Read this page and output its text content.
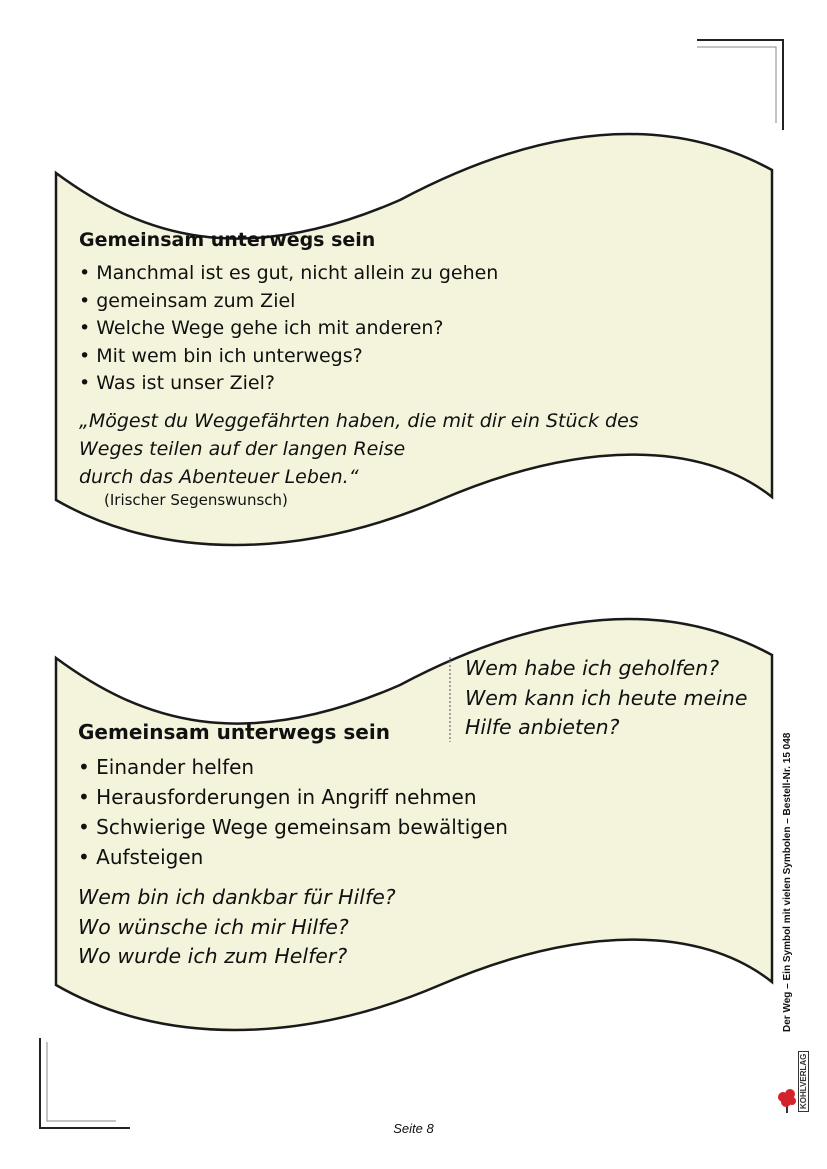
Gemeinsam unterwegs sein
• Manchmal ist es gut, nicht allein zu gehen
• gemeinsam zum Ziel
• Welche Wege gehe ich mit anderen?
• Mit wem bin ich unterwegs?
• Was ist unser Ziel?
„Mögest du Weggefährten haben, die mit dir ein Stück des
Weges teilen auf der langen Reise
durch das Abenteuer Leben.“
(Irischer Segenswunsch)
Wem habe ich geholfen?
Wem kann ich heute meine
Hilfe anbieten?
Gemeinsam unterwegs sein
• Einander helfen
• Herausforderungen in Angriff nehmen
• Schwierige Wege gemeinsam bewältigen
• Aufsteigen
Wem bin ich dankbar für Hilfe?
Wo wünsche ich mir Hilfe?
Wo wurde ich zum Helfer?	Der Weg – Ein Symbol mit vielen Symbolen – Bestell-Nr. 15 048
KOHLVERLAG
Seite 8
